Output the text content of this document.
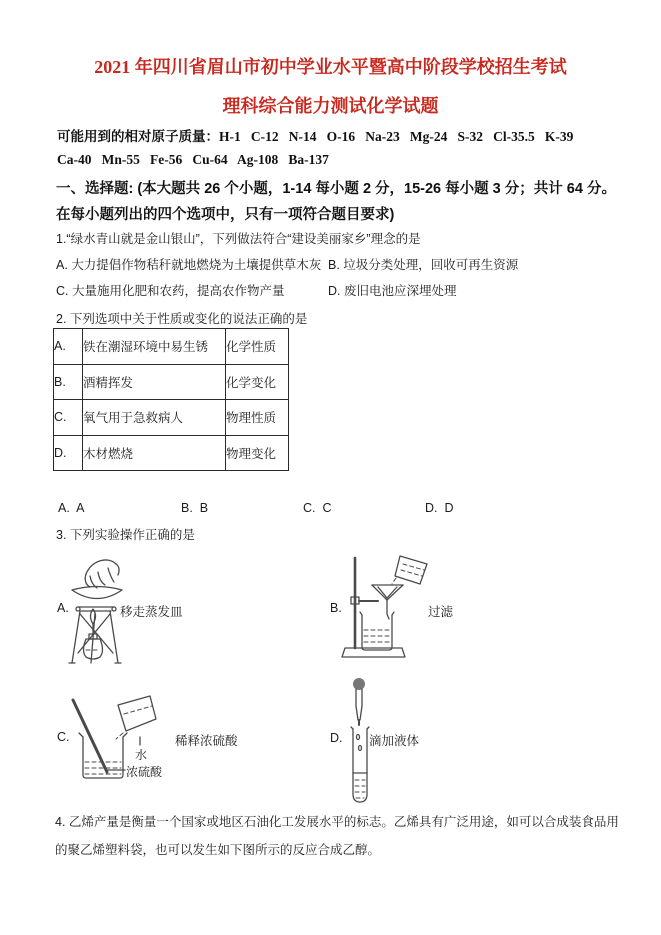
2021 年四川省眉山市初中学业水平暨高中阶段学校招生考试
理科综合能力测试化学试题
可能用到的相对原子质量：H-1   C-12   N-14   O-16   Na-23   Mg-24   S-32   Cl-35.5   K-39
Ca-40   Mn-55   Fe-56   Cu-64   Ag-108   Ba-137
一、选择题: (本大题共 26 个小题，1-14 每小题 2 分，15-26 每小题 3 分；共计 64 分。在每小题列出的四个选项中，只有一项符合题目要求)
1.“绿水青山就是金山银山”，下列做法符合“建设美丽家乡”理念的是
A. 大力提倡作物秸秆就地燃烧为土壤提供草木灰 B. 垃圾分类处理，回收可再生资源
C. 大量施用化肥和农药，提高农作物产量	D. 废旧电池应深埋处理
2. 下列选项中关于性质或变化的说法正确的是
A.	铁在潮湿环境中易生锈	化学性质
B.	酒精挥发	化学变化
C.	氧气用于急救病人	物理性质
D.	木材燃烧	物理变化
A.  A	B.  B	C.  C	D.  D
3. 下列实验操作正确的是
A.	移走蒸发皿	B.	过滤
C.
水
浓硫酸
稀释浓硫酸	D. 滴加液体
4. 乙烯产量是衡量一个国家或地区石油化工发展水平的标志。乙烯具有广泛用途，如可以合成装食品用的聚乙烯塑料袋，也可以发生如下图所示的反应合成乙醇。
